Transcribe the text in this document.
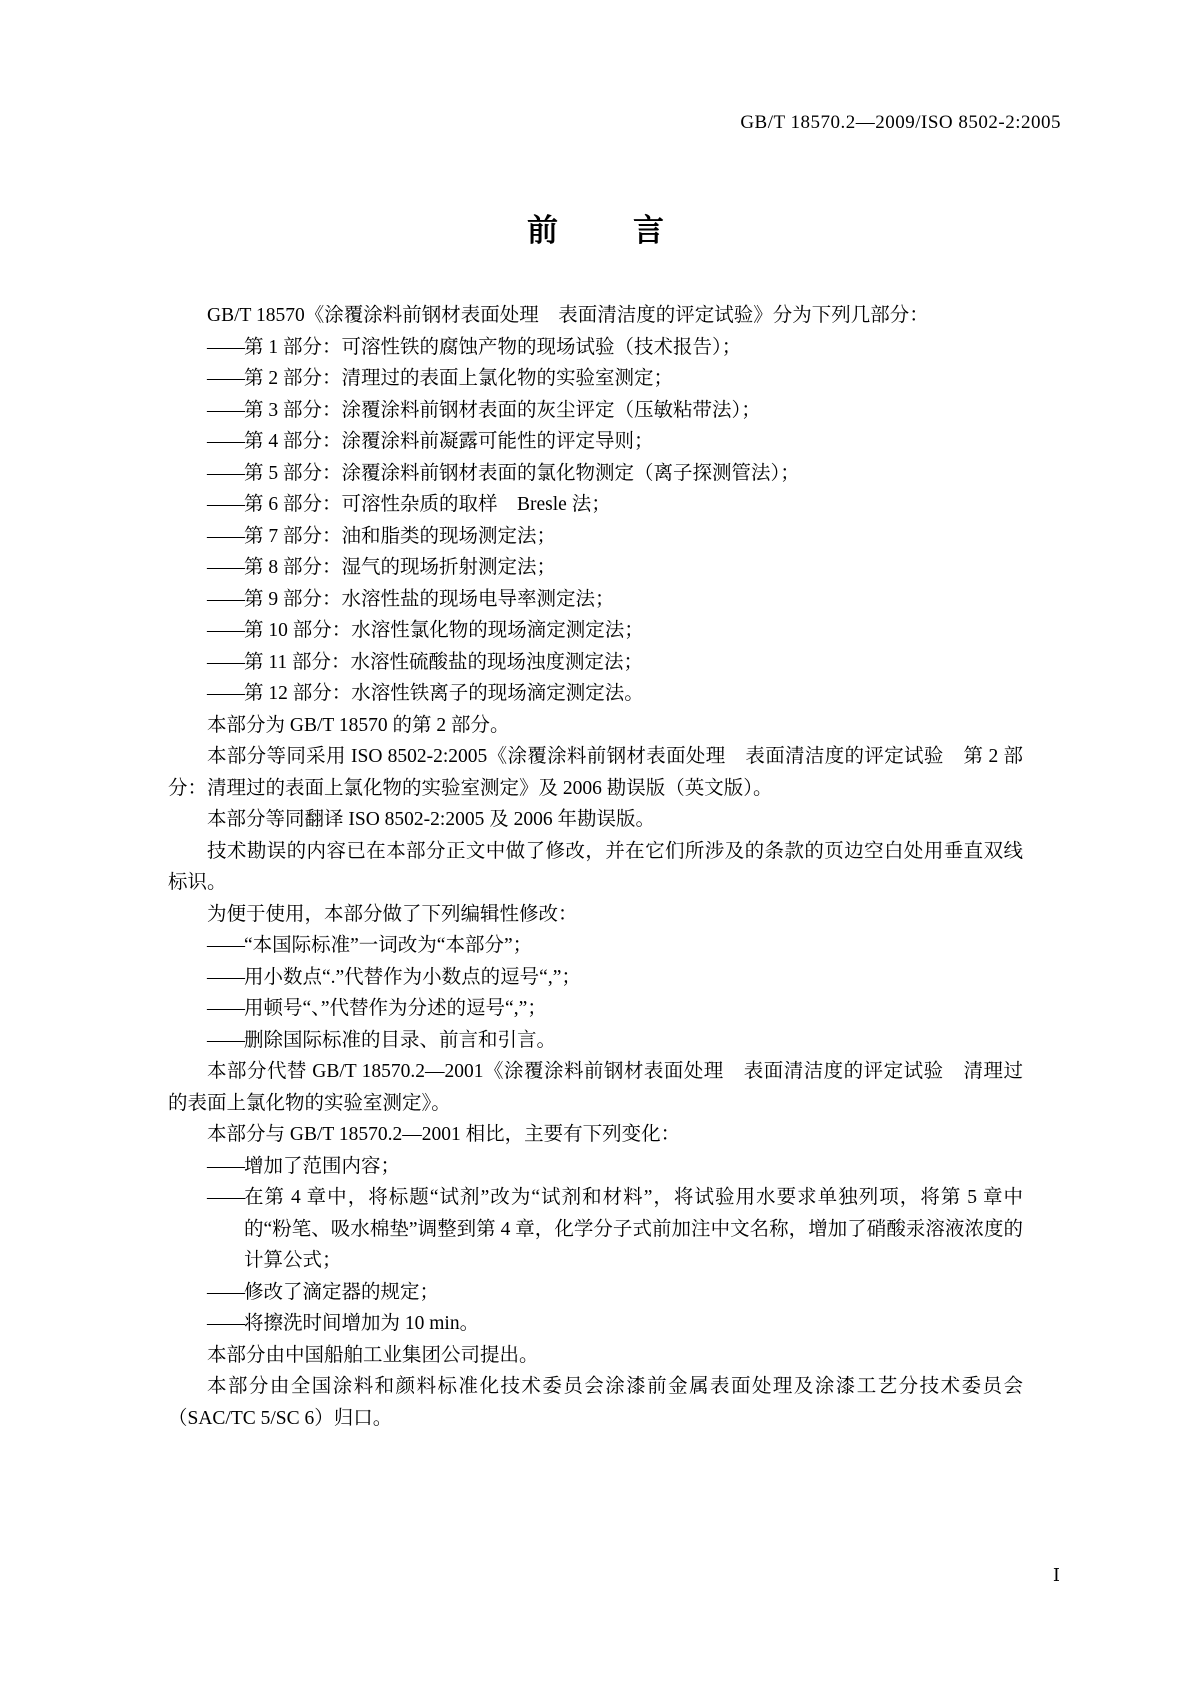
GB/T 18570.2—2009/ISO 8502-2:2005
前　言

GB/T 18570《涂覆涂料前钢材表面处理　表面清洁度的评定试验》分为下列几部分：

—— 第 1 部分：可溶性铁的腐蚀产物的现场试验（技术报告）；
—— 第 2 部分：清理过的表面上氯化物的实验室测定；
—— 第 3 部分：涂覆涂料前钢材表面的灰尘评定（压敏粘带法）；
—— 第 4 部分：涂覆涂料前凝露可能性的评定导则；
—— 第 5 部分：涂覆涂料前钢材表面的氯化物测定（离子探测管法）；
—— 第 6 部分：可溶性杂质的取样　Bresle 法；
—— 第 7 部分：油和脂类的现场测定法；
—— 第 8 部分：湿气的现场折射测定法；
—— 第 9 部分：水溶性盐的现场电导率测定法；
—— 第 10 部分：水溶性氯化物的现场滴定测定法；
—— 第 11 部分：水溶性硫酸盐的现场浊度测定法；
—— 第 12 部分：水溶性铁离子的现场滴定测定法。

本部分为 GB/T 18570 的第 2 部分。

本部分等同采用 ISO 8502-2:2005《涂覆涂料前钢材表面处理　表面清洁度的评定试验　第 2 部分：清理过的表面上氯化物的实验室测定》及 2006 勘误版（英文版）。

本部分等同翻译 ISO 8502-2:2005 及 2006 年勘误版。

技术勘误的内容已在本部分正文中做了修改，并在它们所涉及的条款的页边空白处用垂直双线标识。

为便于使用，本部分做了下列编辑性修改：

—— “本国际标准”一词改为“本部分”；
—— 用小数点“.”代替作为小数点的逗号“,”；
—— 用顿号“、”代替作为分述的逗号“,”；
—— 删除国际标准的目录、前言和引言。

本部分代替 GB/T 18570.2—2001《涂覆涂料前钢材表面处理　表面清洁度的评定试验　清理过的表面上氯化物的实验室测定》。

本部分与 GB/T 18570.2—2001 相比，主要有下列变化：

—— 增加了范围内容；
—— 在第 4 章中，将标题“试剂”改为“试剂和材料”，将试验用水要求单独列项，将第 5 章中的“粉笔、吸水棉垫”调整到第 4 章，化学分子式前加注中文名称，增加了硝酸汞溶液浓度的计算公式；
—— 修改了滴定器的规定；
—— 将擦洗时间增加为 10 min。

本部分由中国船舶工业集团公司提出。

本部分由全国涂料和颜料标准化技术委员会涂漆前金属表面处理及涂漆工艺分技术委员会（SAC/TC 5/SC 6）归口。

Ⅰ
